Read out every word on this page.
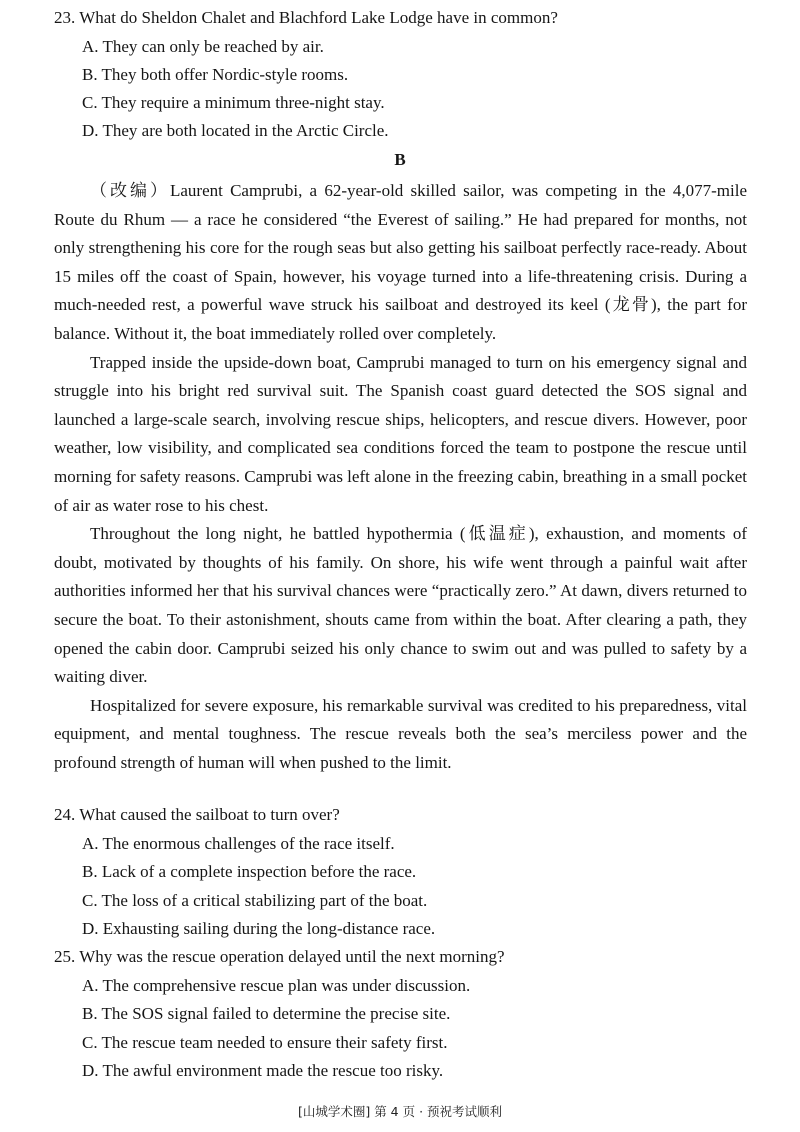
23. What do Sheldon Chalet and Blachford Lake Lodge have in common?
A. They can only be reached by air.
B. They both offer Nordic-style rooms.
C. They require a minimum three-night stay.
D. They are both located in the Arctic Circle.
B

（改编）Laurent Camprubi, a 62-year-old skilled sailor, was competing in the 4,077-mile Route du Rhum — a race he considered “the Everest of sailing.” He had prepared for months, not only strengthening his core for the rough seas but also getting his sailboat perfectly race-ready. About 15 miles off the coast of Spain, however, his voyage turned into a life-threatening crisis. During a much-needed rest, a powerful wave struck his sailboat and destroyed its keel (龙骨), the part for balance. Without it, the boat immediately rolled over completely.

Trapped inside the upside-down boat, Camprubi managed to turn on his emergency signal and struggle into his bright red survival suit. The Spanish coast guard detected the SOS signal and launched a large-scale search, involving rescue ships, helicopters, and rescue divers. However, poor weather, low visibility, and complicated sea conditions forced the team to postpone the rescue until morning for safety reasons. Camprubi was left alone in the freezing cabin, breathing in a small pocket of air as water rose to his chest.

Throughout the long night, he battled hypothermia (低温症), exhaustion, and moments of doubt, motivated by thoughts of his family. On shore, his wife went through a painful wait after authorities informed her that his survival chances were “practically zero.” At dawn, divers returned to secure the boat. To their astonishment, shouts came from within the boat. After clearing a path, they opened the cabin door. Camprubi seized his only chance to swim out and was pulled to safety by a waiting diver.

Hospitalized for severe exposure, his remarkable survival was credited to his preparedness, vital equipment, and mental toughness. The rescue reveals both the sea’s merciless power and the profound strength of human will when pushed to the limit.

24. What caused the sailboat to turn over?
A. The enormous challenges of the race itself.
B. Lack of a complete inspection before the race.
C. The loss of a critical stabilizing part of the boat.
D. Exhausting sailing during the long-distance race.
25. Why was the rescue operation delayed until the next morning?
A. The comprehensive rescue plan was under discussion.
B. The SOS signal failed to determine the precise site.
C. The rescue team needed to ensure their safety first.
D. The awful environment made the rescue too risky.
[山城学术圈] 第 4 页 · 预祝考试顺利
